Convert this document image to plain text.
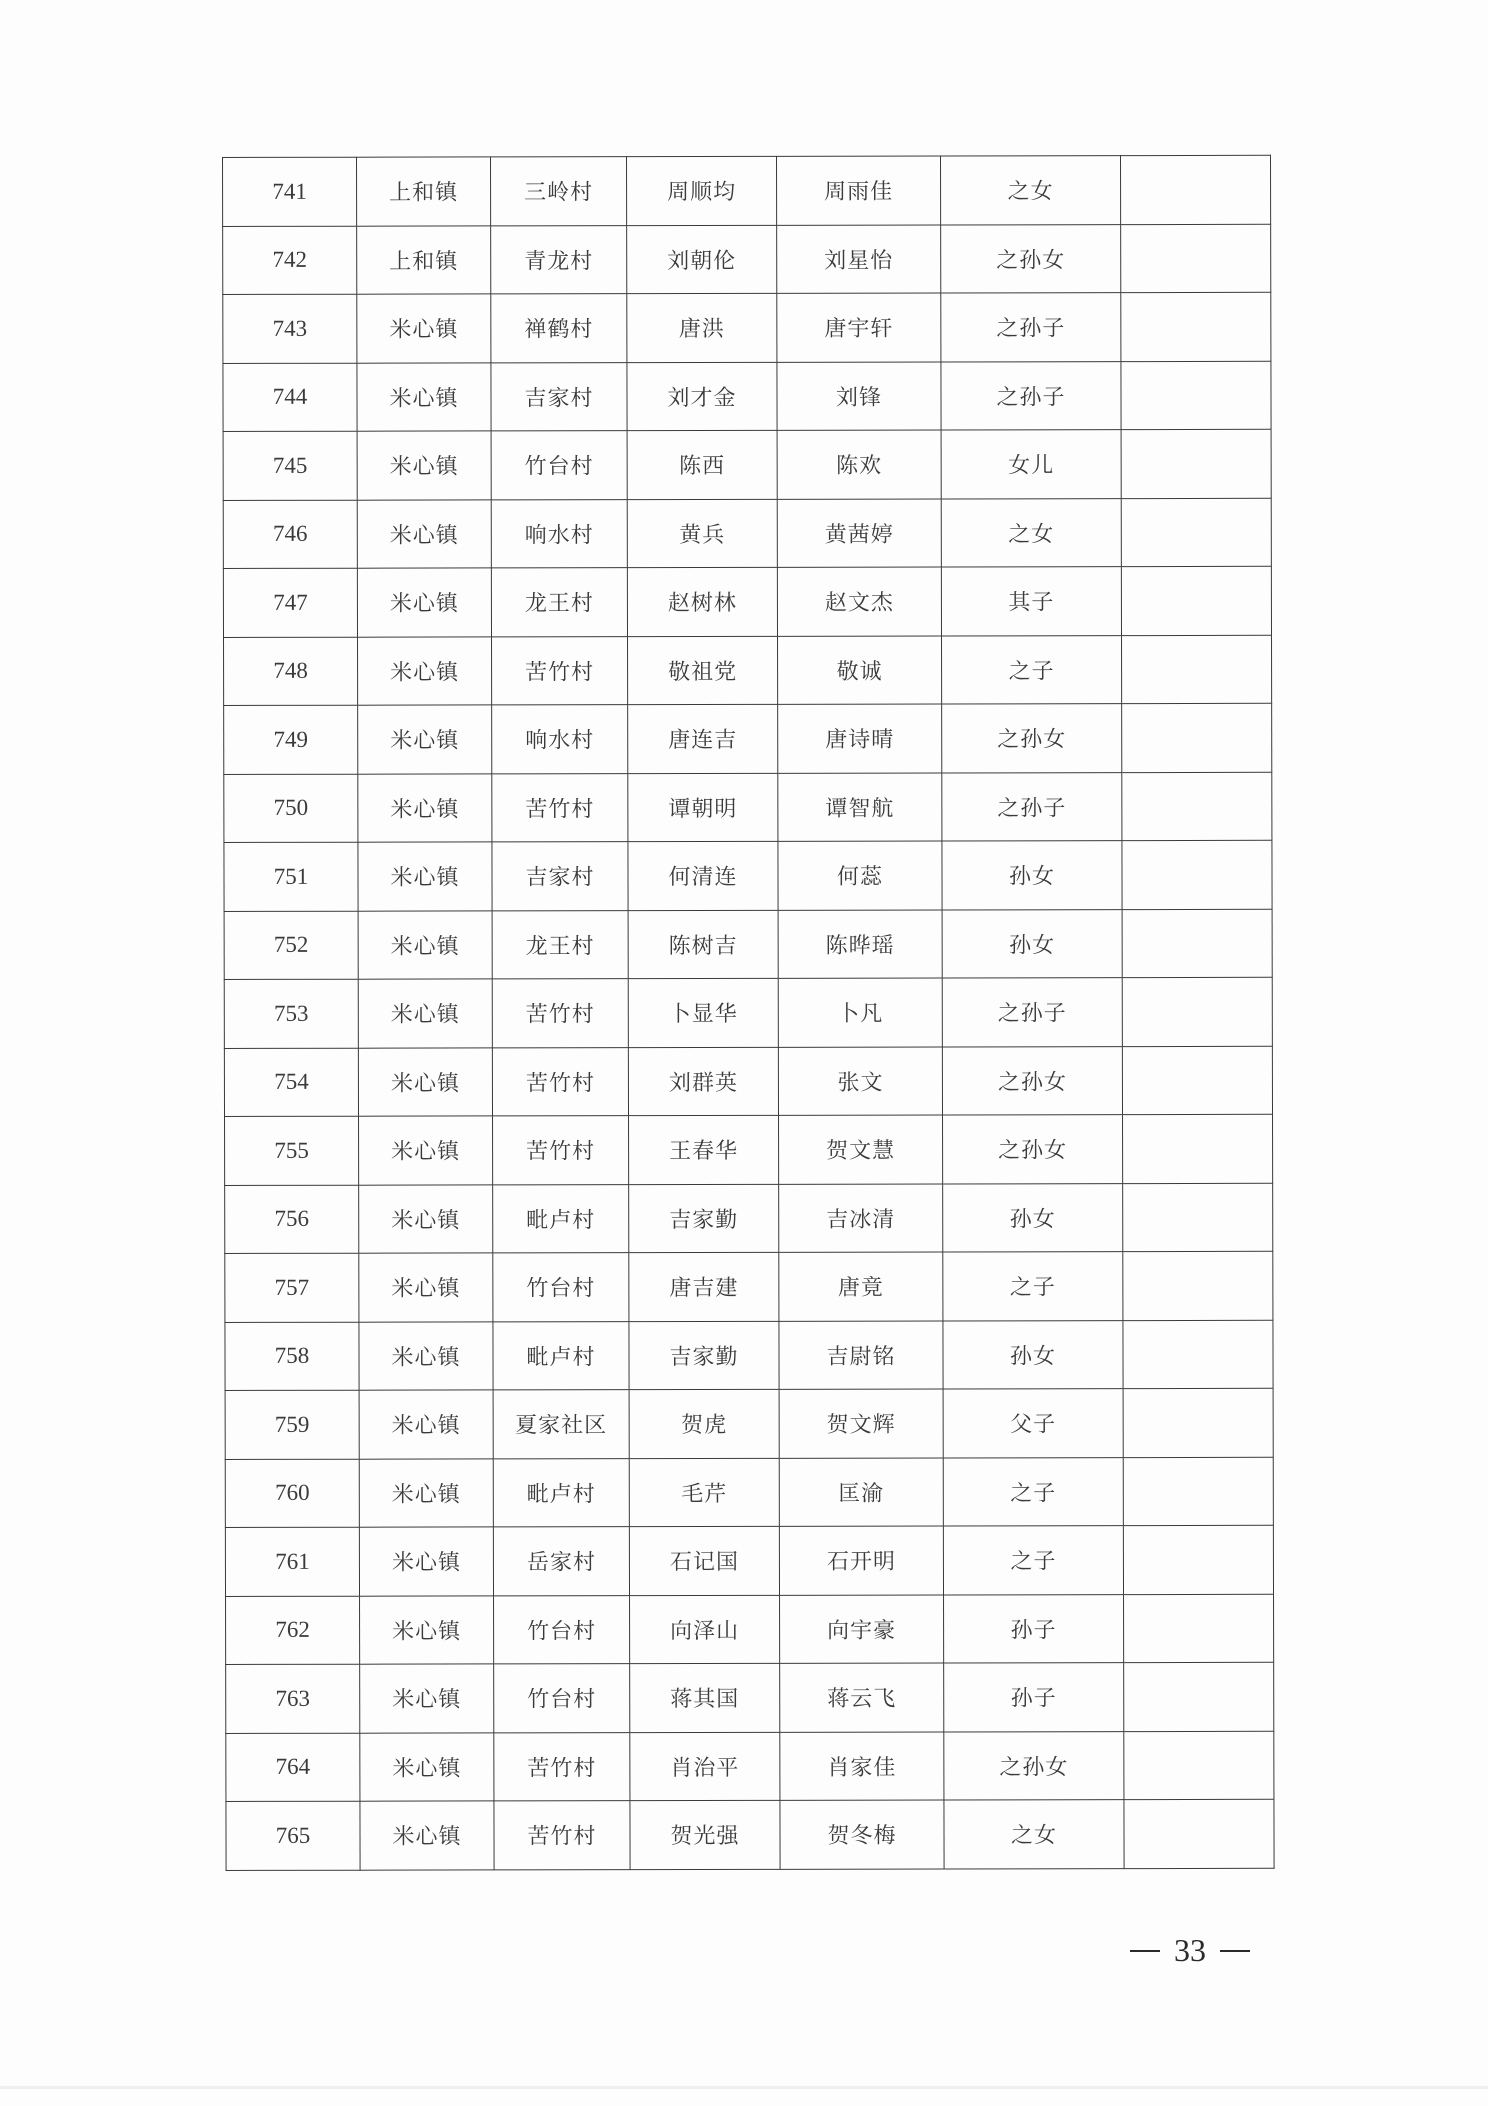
741	上和镇	三岭村	周顺均	周雨佳	之女	
742	上和镇	青龙村	刘朝伦	刘星怡	之孙女	
743	米心镇	禅鹤村	唐洪	唐宇轩	之孙子	
744	米心镇	吉家村	刘才金	刘锋	之孙子	
745	米心镇	竹台村	陈西	陈欢	女儿	
746	米心镇	响水村	黄兵	黄茜婷	之女	
747	米心镇	龙王村	赵树林	赵文杰	其子	
748	米心镇	苦竹村	敬祖党	敬诚	之子	
749	米心镇	响水村	唐连吉	唐诗晴	之孙女	
750	米心镇	苦竹村	谭朝明	谭智航	之孙子	
751	米心镇	吉家村	何清连	何蕊	孙女	
752	米心镇	龙王村	陈树吉	陈晔瑶	孙女	
753	米心镇	苦竹村	卜显华	卜凡	之孙子	
754	米心镇	苦竹村	刘群英	张文	之孙女	
755	米心镇	苦竹村	王春华	贺文慧	之孙女	
756	米心镇	毗卢村	吉家勤	吉冰清	孙女	
757	米心镇	竹台村	唐吉建	唐竟	之子	
758	米心镇	毗卢村	吉家勤	吉尉铭	孙女	
759	米心镇	夏家社区	贺虎	贺文辉	父子	
760	米心镇	毗卢村	毛芹	匡渝	之子	
761	米心镇	岳家村	石记国	石开明	之子	
762	米心镇	竹台村	向泽山	向宇豪	孙子	
763	米心镇	竹台村	蒋其国	蒋云飞	孙子	
764	米心镇	苦竹村	肖治平	肖家佳	之孙女	
765	米心镇	苦竹村	贺光强	贺冬梅	之女	
33
